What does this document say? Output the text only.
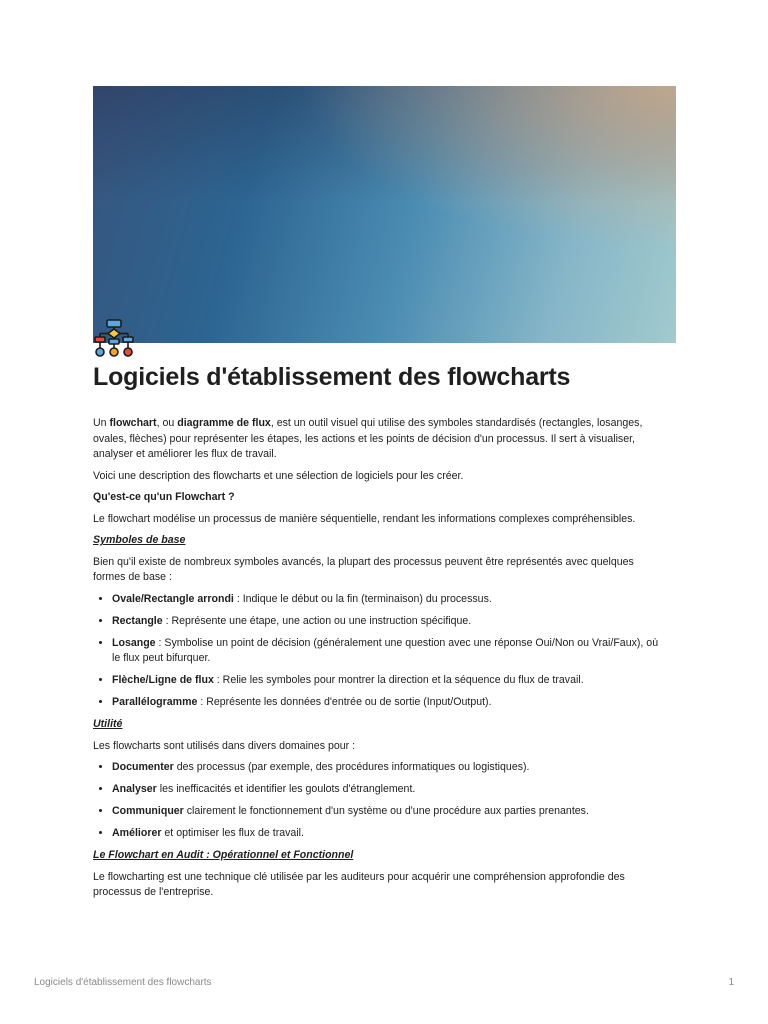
Logiciels d'établissement des flowcharts

Un flowchart, ou diagramme de flux, est un outil visuel qui utilise des symboles standardisés (rectangles, losanges, ovales, flèches) pour représenter les étapes, les actions et les points de décision d'un processus. Il sert à visualiser, analyser et améliorer les flux de travail.

Voici une description des flowcharts et une sélection de logiciels pour les créer.

Qu'est-ce qu'un Flowchart ?

Le flowchart modélise un processus de manière séquentielle, rendant les informations complexes compréhensibles.

Symboles de base

Bien qu'il existe de nombreux symboles avancés, la plupart des processus peuvent être représentés avec quelques formes de base :

• Ovale/Rectangle arrondi : Indique le début ou la fin (terminaison) du processus.
• Rectangle : Représente une étape, une action ou une instruction spécifique.
• Losange : Symbolise un point de décision (généralement une question avec une réponse Oui/Non ou Vrai/Faux), où le flux peut bifurquer.
• Flèche/Ligne de flux : Relie les symboles pour montrer la direction et la séquence du flux de travail.
• Parallélogramme : Représente les données d'entrée ou de sortie (Input/Output).

Utilité

Les flowcharts sont utilisés dans divers domaines pour :

• Documenter des processus (par exemple, des procédures informatiques ou logistiques).
• Analyser les inefficacités et identifier les goulots d'étranglement.
• Communiquer clairement le fonctionnement d'un système ou d'une procédure aux parties prenantes.
• Améliorer et optimiser les flux de travail.

Le Flowchart en Audit : Opérationnel et Fonctionnel

Le flowcharting est une technique clé utilisée par les auditeurs pour acquérir une compréhension approfondie des processus de l'entreprise.

Logiciels d'établissement des flowcharts	1
